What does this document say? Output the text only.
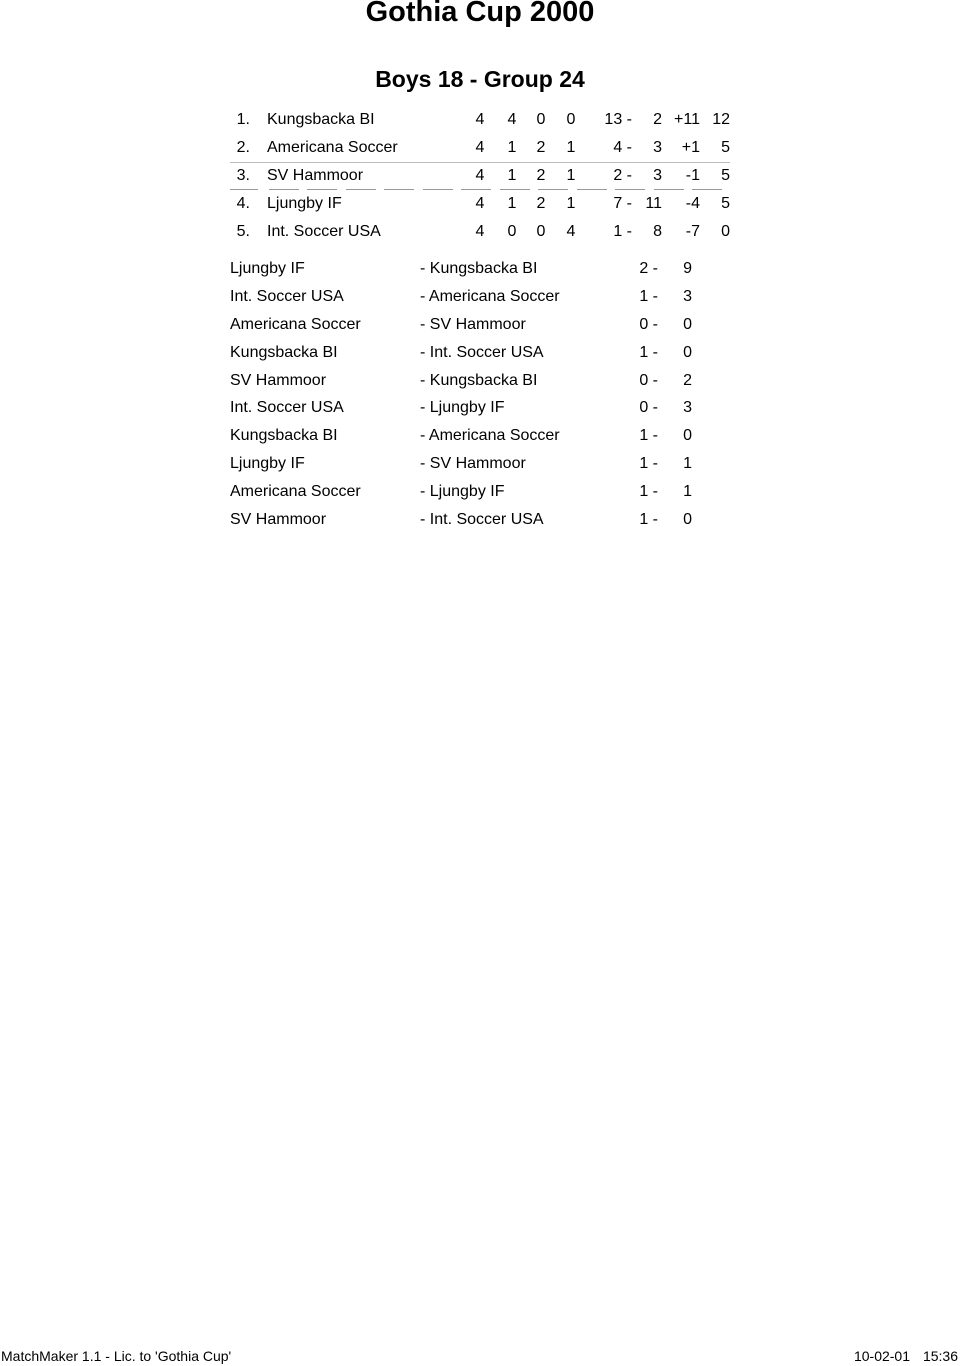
Gothia Cup 2000
Boys 18 - Group 24
1. Kungsbacka BI	4	4	0	0	13 -	2 +11 12
2. Americana Soccer	4	1	2	1	4 -	3	+1	5
3. SV Hammoor	4	1	2	1	2 -	3	-1	5
4. Ljungby IF	4	1	2	1	7 - 11	-4	5
5. Int. Soccer USA	4	0	0	4	1 -	8	-7	0
Ljungby IF	- Kungsbacka BI	2 -	9
Int. Soccer USA	- Americana Soccer	1 -	3
Americana Soccer	- SV Hammoor	0 -	0
Kungsbacka BI	- Int. Soccer USA	1 -	0
SV Hammoor	- Kungsbacka BI	0 -	2
Int. Soccer USA	- Ljungby IF	0 -	3
Kungsbacka BI	- Americana Soccer	1 -	0
Ljungby IF	- SV Hammoor	1 -	1
Americana Soccer	- Ljungby IF	1 -	1
SV Hammoor	- Int. Soccer USA	1 -	0
MatchMaker 1.1 - Lic. to 'Gothia Cup'	10-02-01 15:36
